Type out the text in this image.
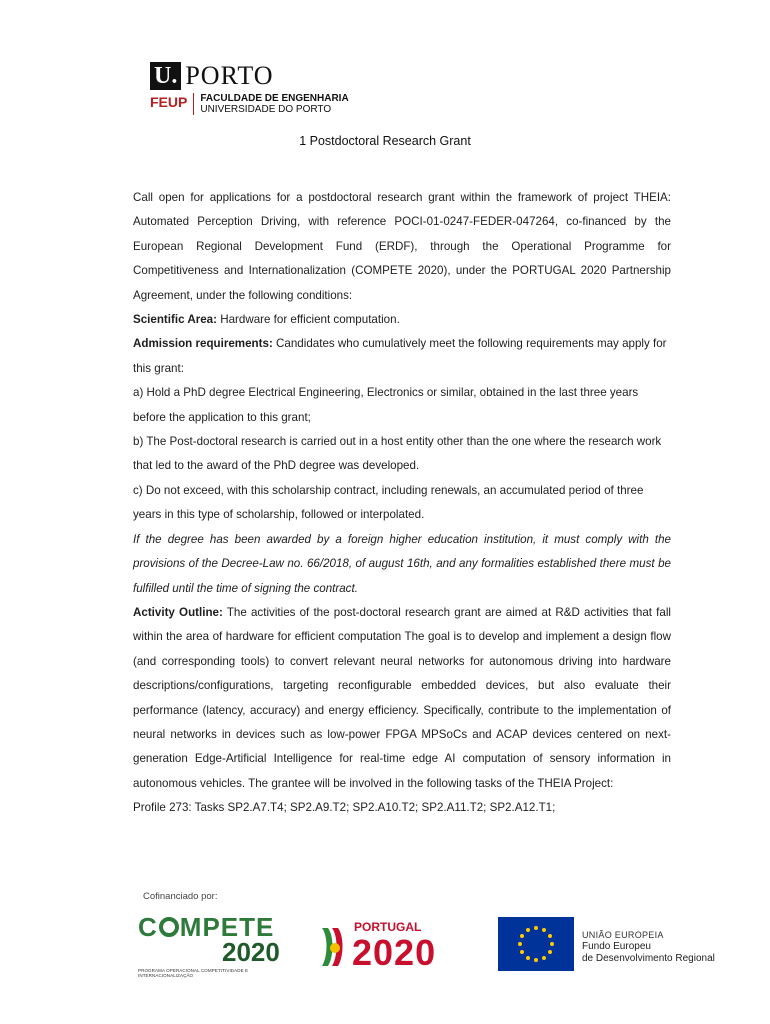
U. PORTO
FEUP	FACULDADE DE ENGENHARIA
UNIVERSIDADE DO PORTO
1 Postdoctoral Research Grant

Call open for applications for a postdoctoral research grant within the framework of project THEIA: Automated Perception Driving, with reference POCI-01-0247-FEDER-047264, co-financed by the European Regional Development Fund (ERDF), through the Operational Programme for Competitiveness and Internationalization (COMPETE 2020), under the PORTUGAL 2020 Partnership Agreement, under the following conditions:

Scientific Area: Hardware for efficient computation.

Admission requirements: Candidates who cumulatively meet the following requirements may apply for this grant:

a) Hold a PhD degree Electrical Engineering, Electronics or similar, obtained in the last three years before the application to this grant;

b) The Post-doctoral research is carried out in a host entity other than the one where the research work that led to the award of the PhD degree was developed.

c) Do not exceed, with this scholarship contract, including renewals, an accumulated period of three years in this type of scholarship, followed or interpolated.

If the degree has been awarded by a foreign higher education institution, it must comply with the provisions of the Decree-Law no. 66/2018, of august 16th, and any formalities established there must be fulfilled until the time of signing the contract.

Activity Outline: The activities of the post-doctoral research grant are aimed at R&D activities that fall within the area of hardware for efficient computation The goal is to develop and implement a design flow (and corresponding tools) to convert relevant neural networks for autonomous driving into hardware descriptions/configurations, targeting reconfigurable embedded devices, but also evaluate their performance (latency, accuracy) and energy efficiency. Specifically, contribute to the implementation of neural networks in devices such as low-power FPGA MPSoCs and ACAP devices centered on next-generation Edge-Artificial Intelligence for real-time edge AI computation of sensory information in autonomous vehicles. The grantee will be involved in the following tasks of the THEIA Project:

Profile 273: Tasks SP2.A7.T4; SP2.A9.T2; SP2.A10.T2; SP2.A11.T2; SP2.A12.T1;

Cofinanciado por:
C MPETE
2020
PROGRAMA OPERACIONAL COMPETITIVIDADE E INTERNACIONALIZAÇÃO
PORTUGAL
2020	UNIÃO EUROPEIA
Fundo Europeu
de Desenvolvimento Regional
